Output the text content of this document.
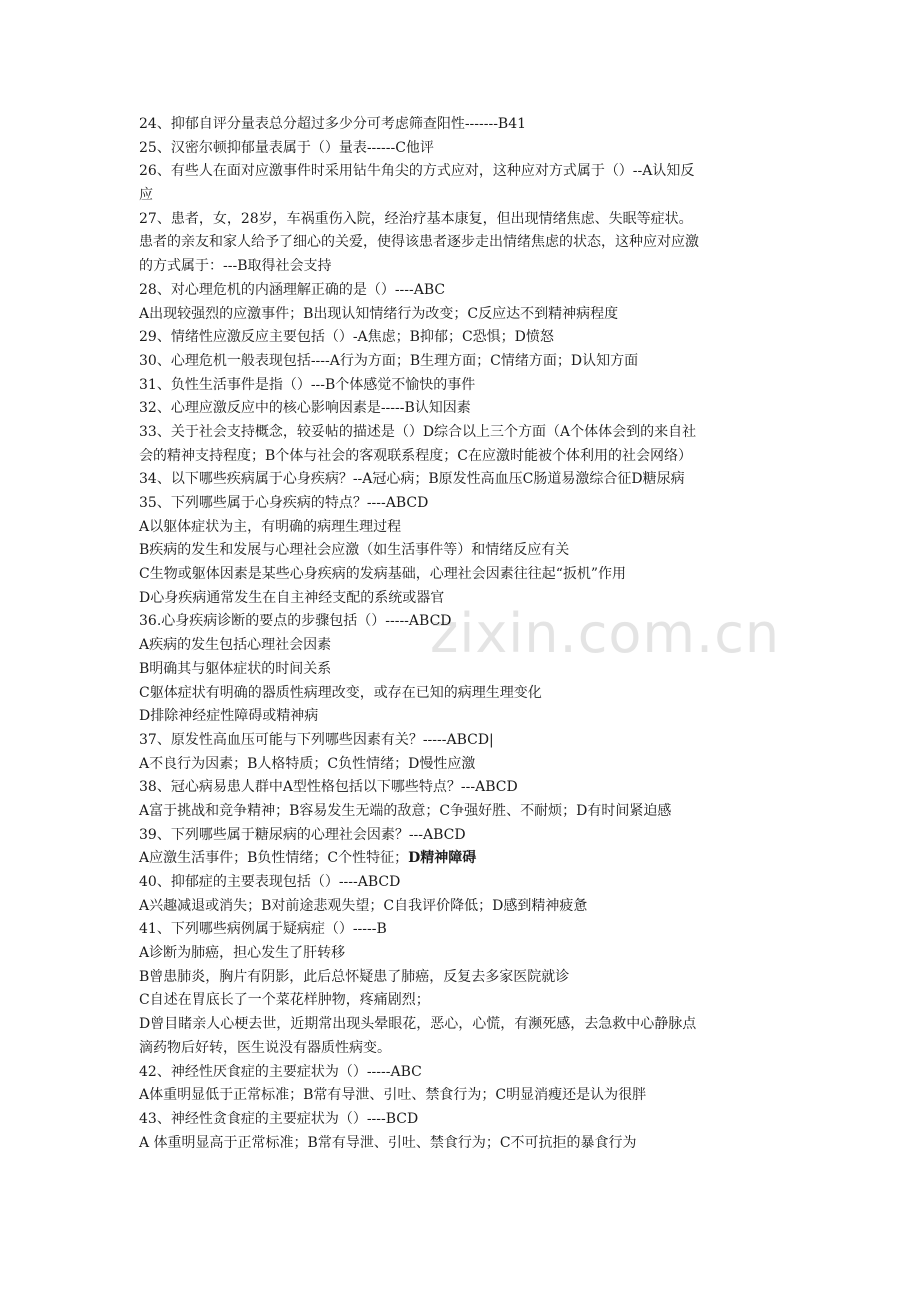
zixin.com.cn
24、抑郁自评分量表总分超过多少分可考虑筛查阳性-------B41
25、汉密尔顿抑郁量表属于（）量表------C他评
26、有些人在面对应激事件时采用钻牛角尖的方式应对，这种应对方式属于（）--A认知反
应
27、患者，女，28岁，车祸重伤入院，经治疗基本康复，但出现情绪焦虑、失眠等症状。
患者的亲友和家人给予了细心的关爱，使得该患者逐步走出情绪焦虑的状态，这种应对应激
的方式属于：---B取得社会支持
28、对心理危机的内涵理解正确的是（）----ABC
A出现较强烈的应激事件；B出现认知情绪行为改变；C反应达不到精神病程度
29、情绪性应激反应主要包括（）-A焦虑；B抑郁；C恐惧；D愤怒
30、心理危机一般表现包括----A行为方面；B生理方面；C情绪方面；D认知方面
31、负性生活事件是指（）---B个体感觉不愉快的事件
32、心理应激反应中的核心影响因素是-----B认知因素
33、关于社会支持概念，较妥帖的描述是（）D综合以上三个方面（A个体体会到的来自社
会的精神支持程度；B个体与社会的客观联系程度；C在应激时能被个体利用的社会网络）
34、以下哪些疾病属于心身疾病？--A冠心病；B原发性高血压C肠道易激综合征D糖尿病
35、下列哪些属于心身疾病的特点？----ABCD
A以躯体症状为主，有明确的病理生理过程
B疾病的发生和发展与心理社会应激（如生活事件等）和情绪反应有关
C生物或躯体因素是某些心身疾病的发病基础，心理社会因素往往起“扳机”作用
D心身疾病通常发生在自主神经支配的系统或器官
36.心身疾病诊断的要点的步骤包括（）-----ABCD
A疾病的发生包括心理社会因素
B明确其与躯体症状的时间关系
C躯体症状有明确的器质性病理改变，或存在已知的病理生理变化
D排除神经症性障碍或精神病
37、原发性高血压可能与下列哪些因素有关？-----ABCD|
A不良行为因素；B人格特质；C负性情绪；D慢性应激
38、冠心病易患人群中A型性格包括以下哪些特点？---ABCD
A富于挑战和竞争精神；B容易发生无端的敌意；C争强好胜、不耐烦；D有时间紧迫感
39、下列哪些属于糖尿病的心理社会因素？---ABCD
A应激生活事件；B负性情绪；C个性特征；D精神障碍
40、抑郁症的主要表现包括（）----ABCD
A兴趣减退或消失；B对前途悲观失望；C自我评价降低；D感到精神疲惫
41、下列哪些病例属于疑病症（）-----B
A诊断为肺癌，担心发生了肝转移
B曾患肺炎，胸片有阴影，此后总怀疑患了肺癌，反复去多家医院就诊
C自述在胃底长了一个菜花样肿物，疼痛剧烈；
D曾目睹亲人心梗去世，近期常出现头晕眼花，恶心，心慌，有濒死感，去急救中心静脉点
滴药物后好转，医生说没有器质性病变。
42、神经性厌食症的主要症状为（）-----ABC
A体重明显低于正常标准；B常有导泄、引吐、禁食行为；C明显消瘦还是认为很胖
43、神经性贪食症的主要症状为（）----BCD
A 体重明显高于正常标准；B常有导泄、引吐、禁食行为；C不可抗拒的暴食行为
